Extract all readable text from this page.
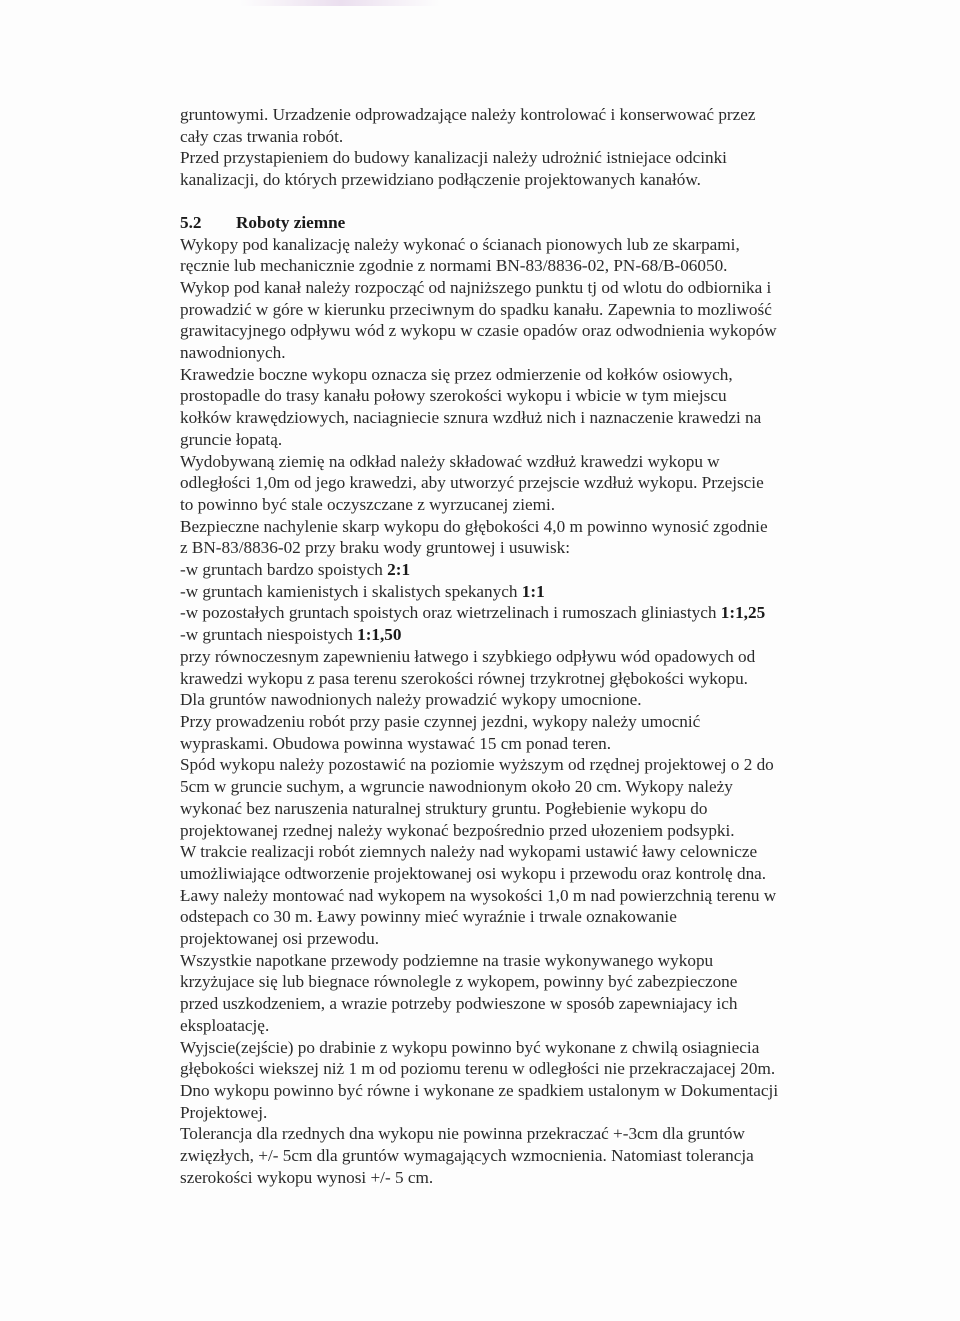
gruntowymi. Urzadzenie odprowadzające należy kontrolować i konserwować przez
cały czas trwania robót.
Przed przystapieniem do budowy kanalizacji należy udrożnić istniejace odcinki
kanalizacji, do których przewidziano podłączenie projektowanych kanałów.
5.2 Roboty ziemne
Wykopy pod kanalizację należy wykonać o ścianach pionowych lub ze skarpami,
ręcznie lub mechanicznie zgodnie z normami BN-83/8836-02, PN-68/B-06050.
Wykop pod kanał należy rozpocząć od najniższego punktu tj od wlotu do odbiornika i
prowadzić w góre w kierunku przeciwnym do spadku kanału. Zapewnia to mozliwość
grawitacyjnego odpływu wód z wykopu w czasie opadów oraz odwodnienia wykopów
nawodnionych.
Krawedzie boczne wykopu oznacza się przez odmierzenie od kołków osiowych,
prostopadle do trasy kanału połowy szerokości wykopu i wbicie w tym miejscu
kołków krawędziowych, naciagniecie sznura wzdłuż nich i naznaczenie krawedzi na
gruncie łopatą.
Wydobywaną ziemię na odkład należy składować wzdłuż krawedzi wykopu w
odległości 1,0m od jego krawedzi, aby utworzyć przejscie wzdłuż wykopu. Przejscie
to powinno być stale oczyszczane z wyrzucanej ziemi.
Bezpieczne nachylenie skarp wykopu do głębokości 4,0 m powinno wynosić zgodnie
z BN-83/8836-02 przy braku wody gruntowej i usuwisk:
-w gruntach bardzo spoistych 2:1
-w gruntach kamienistych i skalistych spekanych 1:1
-w pozostałych gruntach spoistych oraz wietrzelinach i rumoszach gliniastych 1:1,25
-w gruntach niespoistych 1:1,50
przy równoczesnym zapewnieniu łatwego i szybkiego odpływu wód opadowych od
krawedzi wykopu z pasa terenu szerokości równej trzykrotnej głębokości wykopu.
Dla gruntów nawodnionych należy prowadzić wykopy umocnione.
Przy prowadzeniu robót przy pasie czynnej jezdni, wykopy należy umocnić
wypraskami. Obudowa powinna wystawać 15 cm ponad teren.
Spód wykopu należy pozostawić na poziomie wyższym od rzędnej projektowej o 2 do
5cm w gruncie suchym, a wgruncie nawodnionym około 20 cm. Wykopy należy
wykonać bez naruszenia naturalnej struktury gruntu. Pogłebienie wykopu do
projektowanej rzednej należy wykonać bezpośrednio przed ułozeniem podsypki.
W trakcie realizacji robót ziemnych należy nad wykopami ustawić ławy celownicze
umożliwiające odtworzenie projektowanej osi wykopu i przewodu oraz kontrolę dna.
Ławy należy montować nad wykopem na wysokości 1,0 m nad powierzchnią terenu w
odstepach co 30 m. Ławy powinny mieć wyraźnie i trwale oznakowanie
projektowanej osi przewodu.
Wszystkie napotkane przewody podziemne na trasie wykonywanego wykopu
krzyżujace się lub biegnace równolegle z wykopem, powinny być zabezpieczone
przed uszkodzeniem, a wrazie potrzeby podwieszone w sposób zapewniajacy ich
eksploatację.
Wyjscie(zejście) po drabinie z wykopu powinno być wykonane z chwilą osiagniecia
głębokości wiekszej niż 1 m od poziomu terenu w odległości nie przekraczajacej 20m.
Dno wykopu powinno być równe i wykonane ze spadkiem ustalonym w Dokumentacji
Projektowej.
Tolerancja dla rzednych dna wykopu nie powinna przekraczać +-3cm dla gruntów
zwięzłych, +/- 5cm dla gruntów wymagających wzmocnienia. Natomiast tolerancja
szerokości wykopu wynosi +/- 5 cm.
